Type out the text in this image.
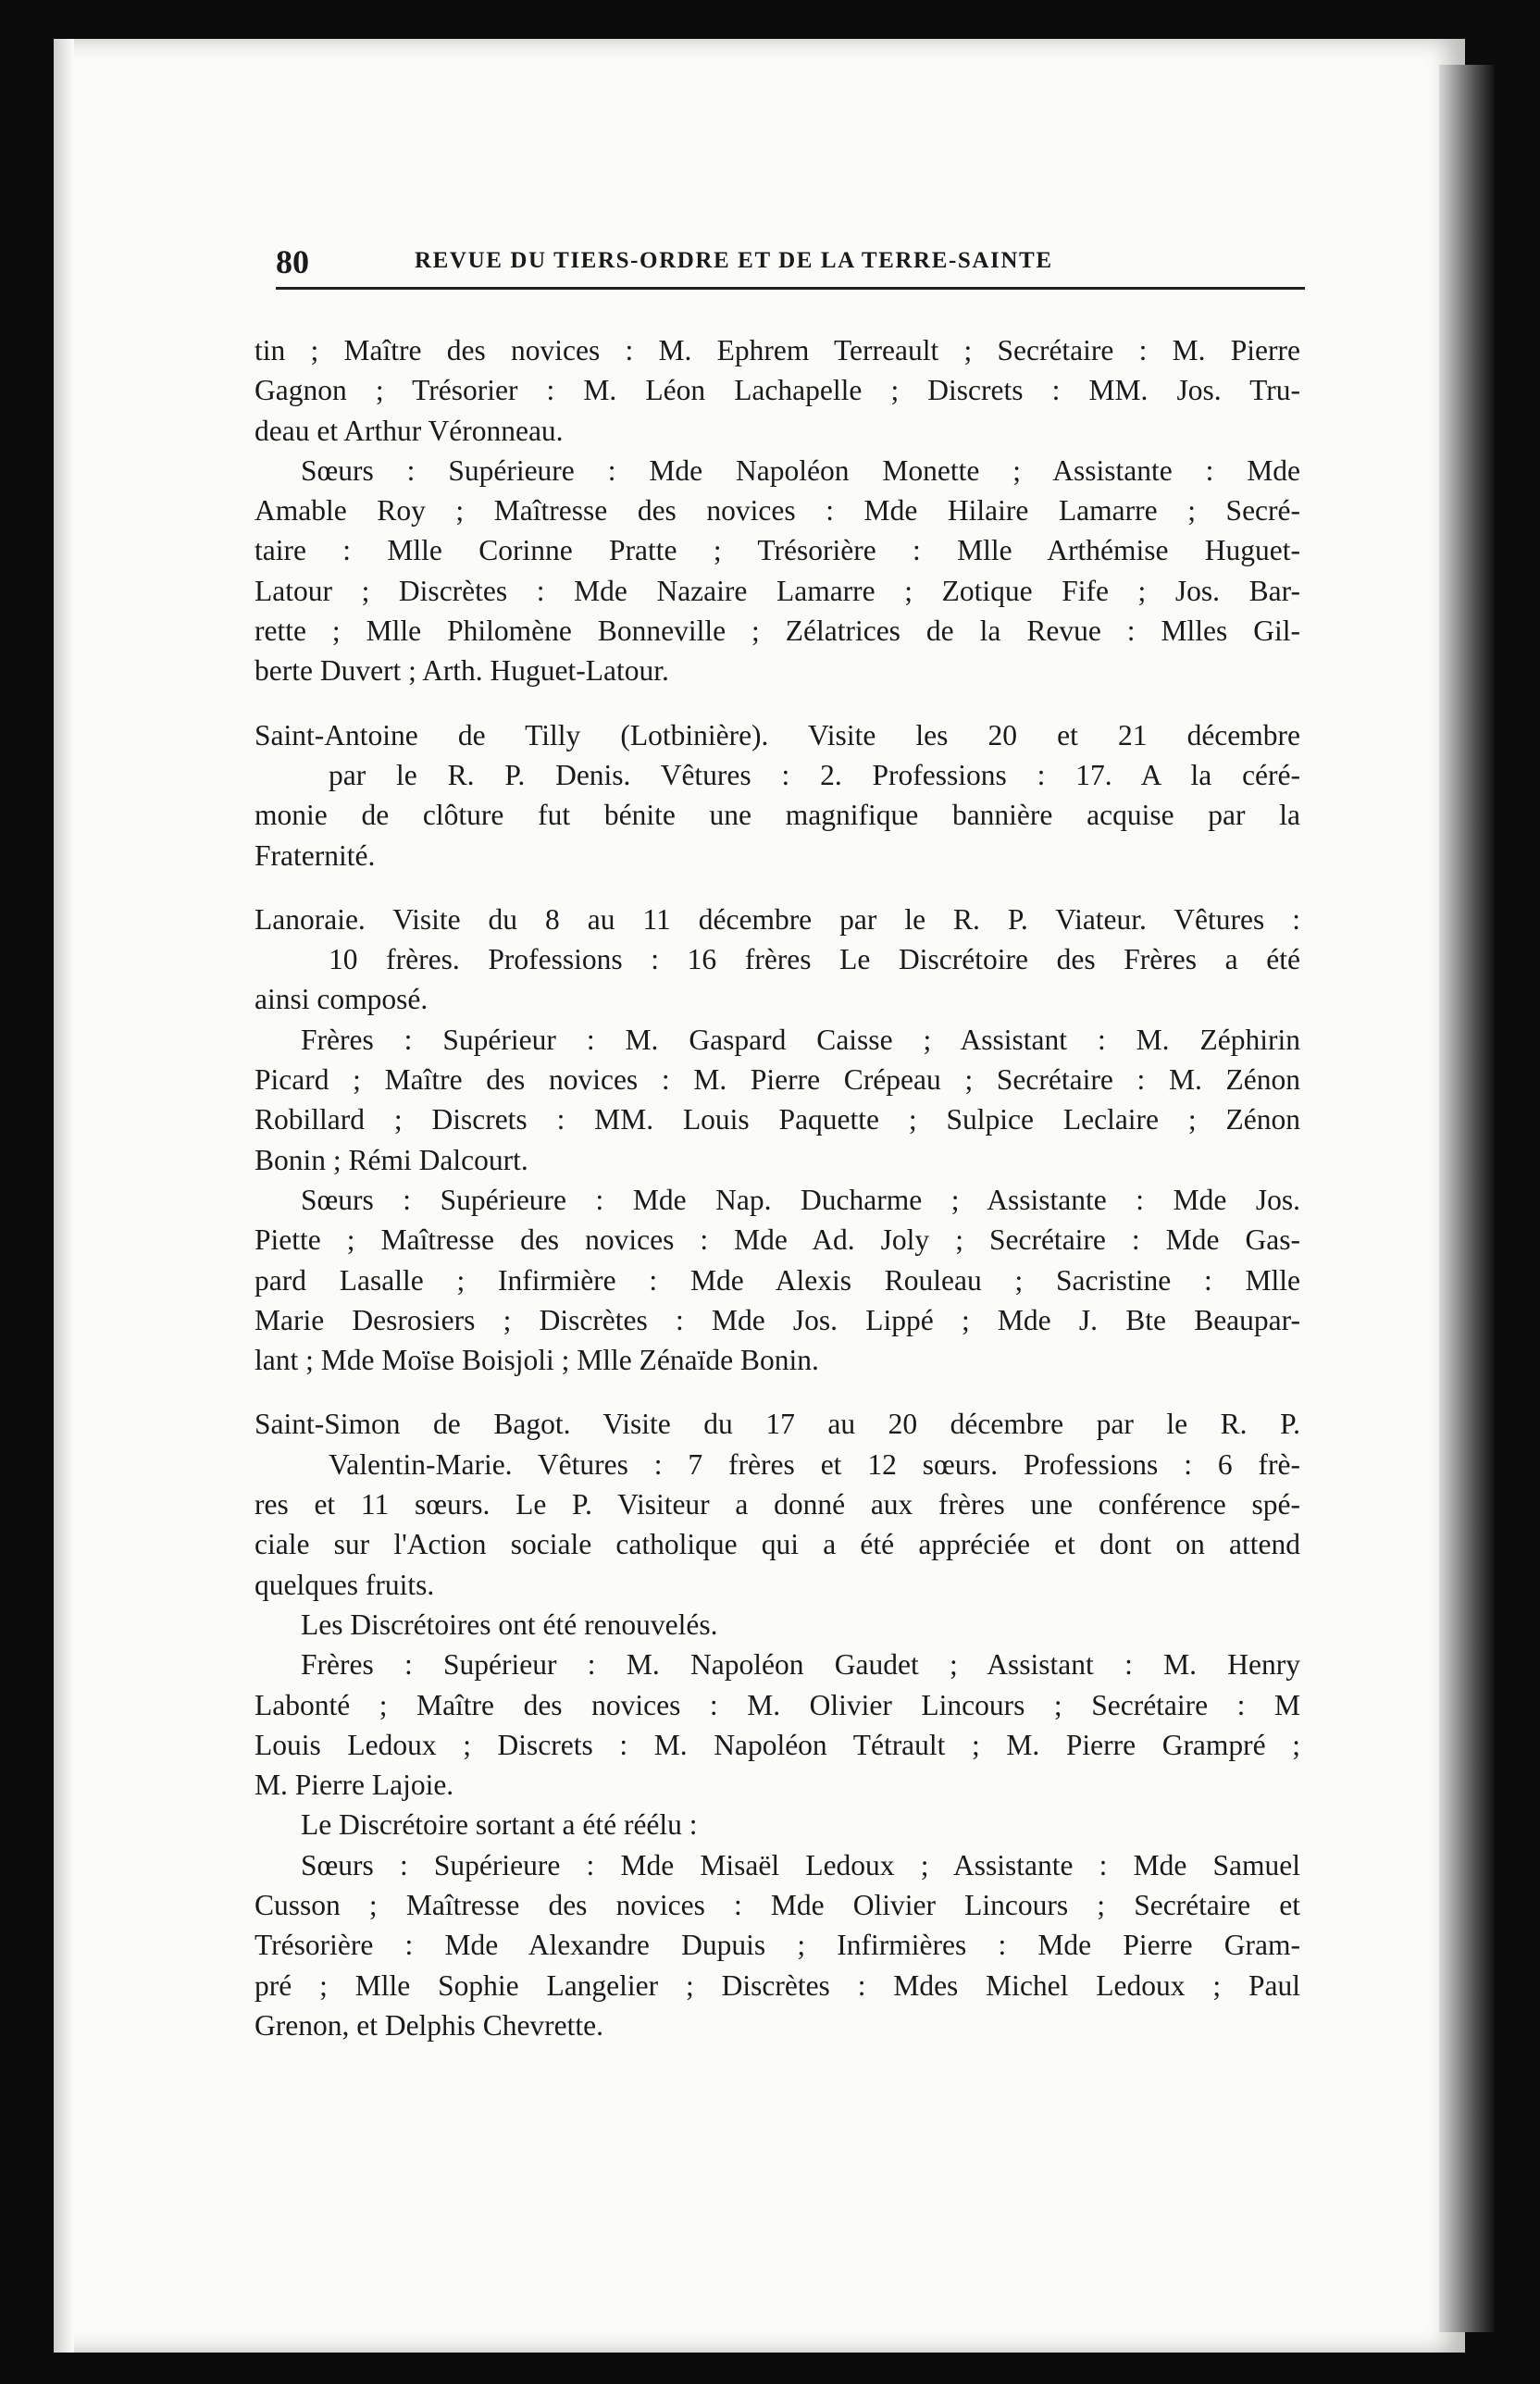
80	REVUE DU TIERS-ORDRE ET DE LA TERRE-SAINTE
tin ; Maître des novices : M. Ephrem Terreault ; Secrétaire : M. Pierre
Gagnon ; Trésorier : M. Léon Lachapelle ; Discrets : MM. Jos. Tru-
deau et Arthur Véronneau.
Sœurs : Supérieure : Mde Napoléon Monette ; Assistante : Mde
Amable Roy ; Maîtresse des novices : Mde Hilaire Lamarre ; Secré-
taire : Mlle Corinne Pratte ; Trésorière : Mlle Arthémise Huguet-
Latour ; Discrètes : Mde Nazaire Lamarre ; Zotique Fife ; Jos. Bar-
rette ; Mlle Philomène Bonneville ; Zélatrices de la Revue : Mlles Gil-
berte Duvert ; Arth. Huguet-Latour.
Saint-Antoine de Tilly (Lotbinière). Visite les 20 et 21 décembre
par le R. P. Denis. Vêtures : 2. Professions : 17. A la céré-
monie de clôture fut bénite une magnifique bannière acquise par la
Fraternité.
Lanoraie. Visite du 8 au 11 décembre par le R. P. Viateur. Vêtures :
10 frères. Professions : 16 frères Le Discrétoire des Frères a été
ainsi composé.
Frères : Supérieur : M. Gaspard Caisse ; Assistant : M. Zéphirin
Picard ; Maître des novices : M. Pierre Crépeau ; Secrétaire : M. Zénon
Robillard ; Discrets : MM. Louis Paquette ; Sulpice Leclaire ; Zénon
Bonin ; Rémi Dalcourt.
Sœurs : Supérieure : Mde Nap. Ducharme ; Assistante : Mde Jos.
Piette ; Maîtresse des novices : Mde Ad. Joly ; Secrétaire : Mde Gas-
pard Lasalle ; Infirmière : Mde Alexis Rouleau ; Sacristine : Mlle
Marie Desrosiers ; Discrètes : Mde Jos. Lippé ; Mde J. Bte Beaupar-
lant ; Mde Moïse Boisjoli ; Mlle Zénaïde Bonin.
Saint-Simon de Bagot. Visite du 17 au 20 décembre par le R. P.
Valentin-Marie. Vêtures : 7 frères et 12 sœurs. Professions : 6 frè-
res et 11 sœurs. Le P. Visiteur a donné aux frères une conférence spé-
ciale sur l'Action sociale catholique qui a été appréciée et dont on attend
quelques fruits.
Les Discrétoires ont été renouvelés.
Frères : Supérieur : M. Napoléon Gaudet ; Assistant : M. Henry
Labonté ; Maître des novices : M. Olivier Lincours ; Secrétaire : M
Louis Ledoux ; Discrets : M. Napoléon Tétrault ; M. Pierre Grampré ;
M. Pierre Lajoie.
Le Discrétoire sortant a été réélu :
Sœurs : Supérieure : Mde Misaël Ledoux ; Assistante : Mde Samuel
Cusson ; Maîtresse des novices : Mde Olivier Lincours ; Secrétaire et
Trésorière : Mde Alexandre Dupuis ; Infirmières : Mde Pierre Gram-
pré ; Mlle Sophie Langelier ; Discrètes : Mdes Michel Ledoux ; Paul
Grenon, et Delphis Chevrette.
